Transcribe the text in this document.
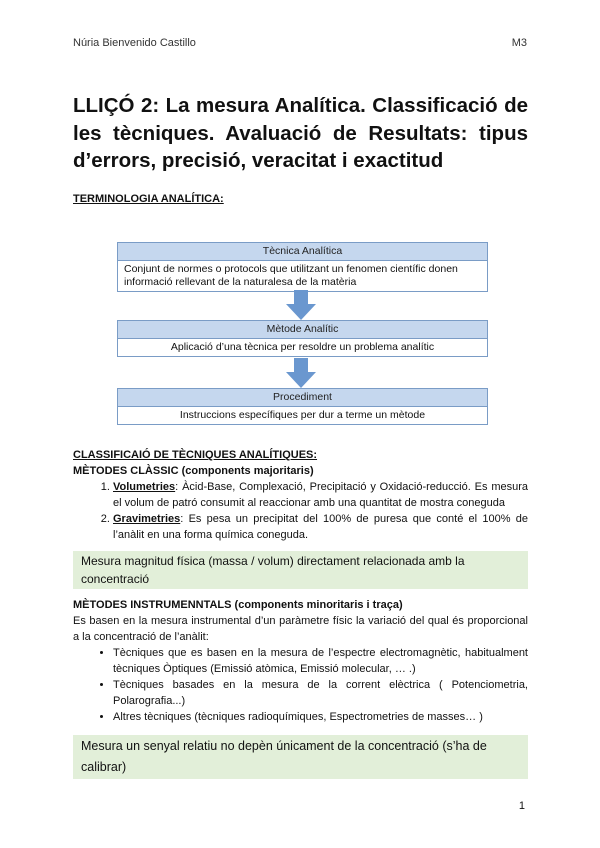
Núria Bienvenido Castillo	M3
LLIÇÓ 2: La mesura Analítica. Classificació de les tècniques. Avaluació de Resultats: tipus d’errors, precisió, veracitat i exactitud
TERMINOLOGIA ANALÍTICA:
Tècnica Analítica
Conjunt de normes o protocols que utilitzant un fenomen científic donen informació rellevant de la naturalesa de la matèria
Mètode Analític
Aplicació d’una tècnica per resoldre un problema analític
Procediment
Instruccions específiques per dur a terme un mètode
CLASSIFICAIÓ DE TÈCNIQUES ANALÍTIQUES:
MÈTODES CLÀSSIC (components majoritaris)
1. Volumetries: Àcid-Base, Complexació, Precipitació y Oxidació-reducció. Es mesura el volum de patró consumit al reaccionar amb una quantitat de mostra coneguda
2. Gravimetries: Es pesa un precipitat del 100% de puresa que conté el 100% de l’anàlit en una forma química coneguda.
Mesura magnitud física (massa / volum) directament relacionada amb la concentració
MÈTODES INSTRUMENNTALS (components minoritaris i traça)
Es basen en la mesura instrumental d’un paràmetre físic la variació del qual és proporcional a la concentració de l’anàlit:
• Tècniques que es basen en la mesura de l’espectre electromagnètic, habitualment tècniques Òptiques (Emissió atòmica, Emissió molecular, … .)
• Tècniques basades en la mesura de la corrent elèctrica ( Potenciometria, Polarografia...)
• Altres tècniques (tècniques radioquímiques, Espectrometries de masses… )
Mesura un senyal relatiu no depèn únicament de la concentració (s’ha de calibrar)
1
